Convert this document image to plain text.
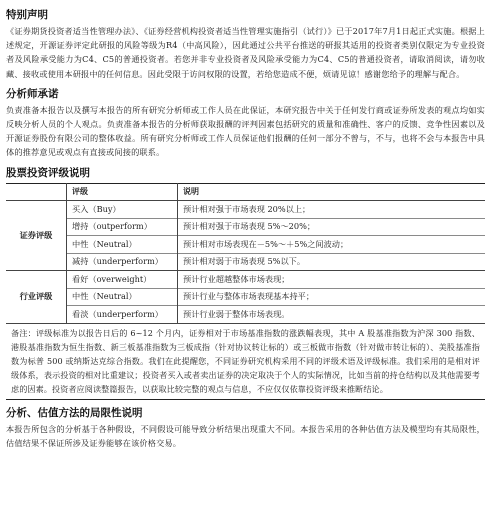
特别声明

《证券期货投资者适当性管理办法》、《证券经营机构投资者适当性管理实施指引（试行）》已于2017年7月1日起正式实施。根据上述规定，开源证券评定此研报的风险等级为R4（中高风险），因此通过公共平台推送的研报其适用的投资者类别仅限定为专业投资者及风险承受能力为C4、C5的普通投资者。若您并非专业投资者及风险承受能力为C4、C5的普通投资者，请取消阅读，请勿收藏、接收或使用本研报中的任何信息。因此受限于访问权限的设置，若给您造成不便，烦请见谅！感谢您给予的理解与配合。

分析师承诺

负责准备本报告以及撰写本报告的所有研究分析师或工作人员在此保证，本研究报告中关于任何发行商或证券所发表的观点均如实反映分析人员的个人观点。负责准备本报告的分析师获取报酬的评判因素包括研究的质量和准确性、客户的反馈、竞争性因素以及开源证券股份有限公司的整体收益。所有研究分析师或工作人员保证他们报酬的任何一部分不曾与，不与，也将不会与本报告中具体的推荐意见或观点有直接或间接的联系。

股票投资评级说明
	评级	说明
证券评级	买入（Buy）	预计相对强于市场表现 20%以上；
	增持（outperform）	预计相对强于市场表现 5%～20%；
	中性（Neutral）	预计相对市场表现在－5%～＋5%之间波动；
	减持（underperform）	预计相对弱于市场表现 5%以下。
行业评级	看好（overweight）	预计行业超越整体市场表现；
	中性（Neutral）	预计行业与整体市场表现基本持平；
	看淡（underperform）	预计行业弱于整体市场表现。
备注：评级标准为以报告日后的 6~12 个月内，证券相对于市场基准指数的涨跌幅表现，其中 A 股基准指数为沪深 300 指数、港股基准指数为恒生指数、新三板基准指数为三板成指（针对协议转让标的）或三板做市指数（针对做市转让标的）、美股基准指数为标普 500 或纳斯达克综合指数。我们在此提醒您，不同证券研究机构采用不同的评级术语及评级标准。我们采用的是相对评级体系，表示投资的相对比重建议；投资者买入或者卖出证券的决定取决于个人的实际情况，比如当前的持仓结构以及其他需要考虑的因素。投资者应阅读整篇报告，以获取比较完整的观点与信息，不应仅仅依靠投资评级来推断结论。		
分析、估值方法的局限性说明

本报告所包含的分析基于各种假设，不同假设可能导致分析结果出现重大不同。本报告采用的各种估值方法及模型均有其局限性，估值结果不保证所涉及证券能够在该价格交易。
